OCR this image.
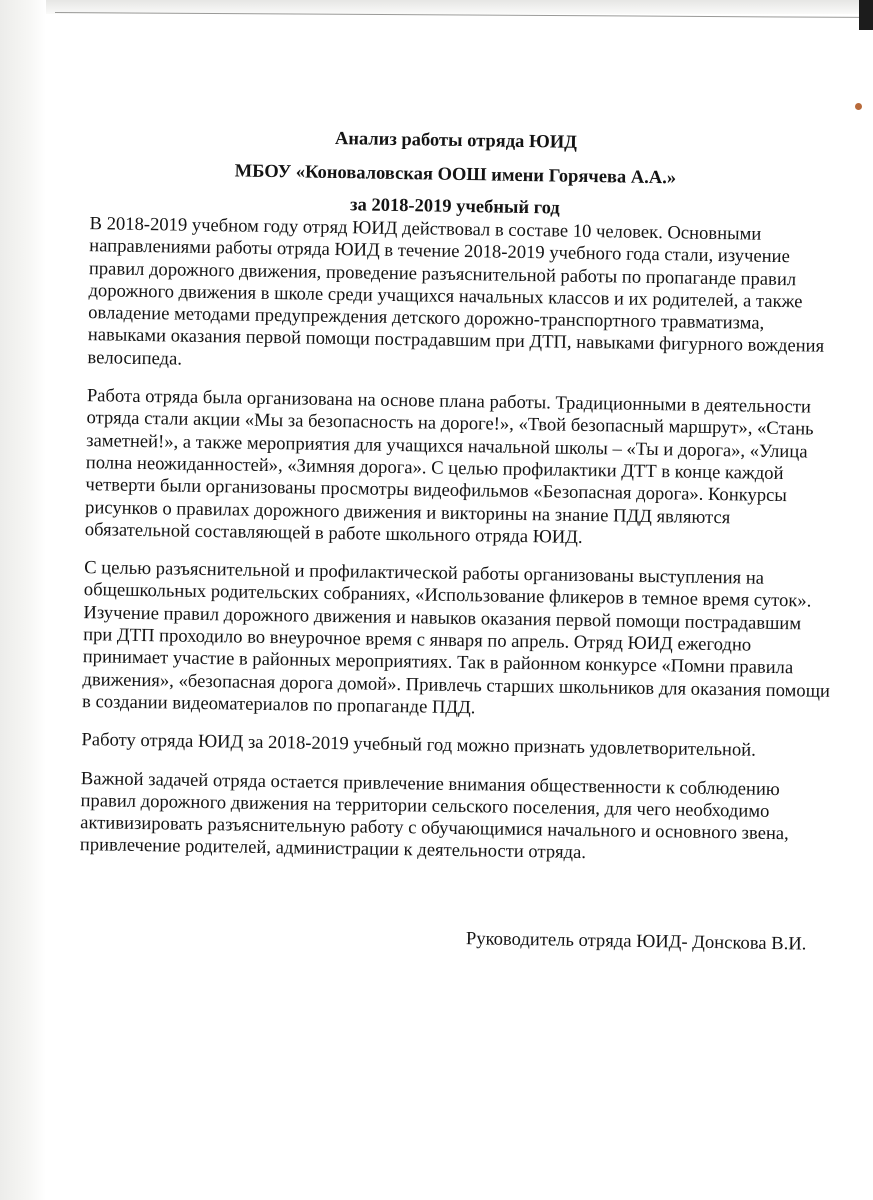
Анализ работы отряда ЮИД
МБОУ «Коноваловская ООШ имени Горячева А.А.»
за 2018-2019 учебный год

В 2018-2019 учебном году отряд ЮИД действовал в составе 10 человек. Основными направлениями работы отряда ЮИД в течение 2018-2019 учебного года стали, изучение правил дорожного движения, проведение разъяснительной работы по пропаганде правил дорожного движения в школе среди учащихся начальных классов и их родителей, а также овладение методами предупреждения детского дорожно-транспортного травматизма, навыками оказания первой помощи пострадавшим при ДТП, навыками фигурного вождения велосипеда.

Работа отряда была организована на основе плана работы. Традиционными в деятельности отряда стали акции «Мы за безопасность на дороге!», «Твой безопасный маршрут», «Стань заметней!», а также мероприятия для учащихся начальной школы – «Ты и дорога», «Улица полна неожиданностей», «Зимняя дорога». С целью профилактики ДТТ в конце каждой четверти были организованы просмотры видеофильмов «Безопасная дорога». Конкурсы рисунков о правилах дорожного движения и викторины на знание ПДД являются обязательной составляющей в работе школьного отряда ЮИД.

С целью разъяснительной и профилактической работы организованы выступления на общешкольных родительских собраниях, «Использование фликеров в темное время суток». Изучение правил дорожного движения и навыков оказания первой помощи пострадавшим при ДТП проходило во внеурочное время с января по апрель. Отряд ЮИД ежегодно принимает участие в районных мероприятиях. Так в районном конкурсе «Помни правила движения», «безопасная дорога домой». Привлечь старших школьников для оказания помощи в создании видеоматериалов по пропаганде ПДД.

Работу отряда ЮИД за 2018-2019 учебный год можно признать удовлетворительной.

Важной задачей отряда остается привлечение внимания общественности к соблюдению правил дорожного движения на территории сельского поселения, для чего необходимо активизировать разъяснительную работу с обучающимися начального и основного звена, привлечение родителей, администрации к деятельности отряда.

Руководитель отряда ЮИД- Донскова В.И.
